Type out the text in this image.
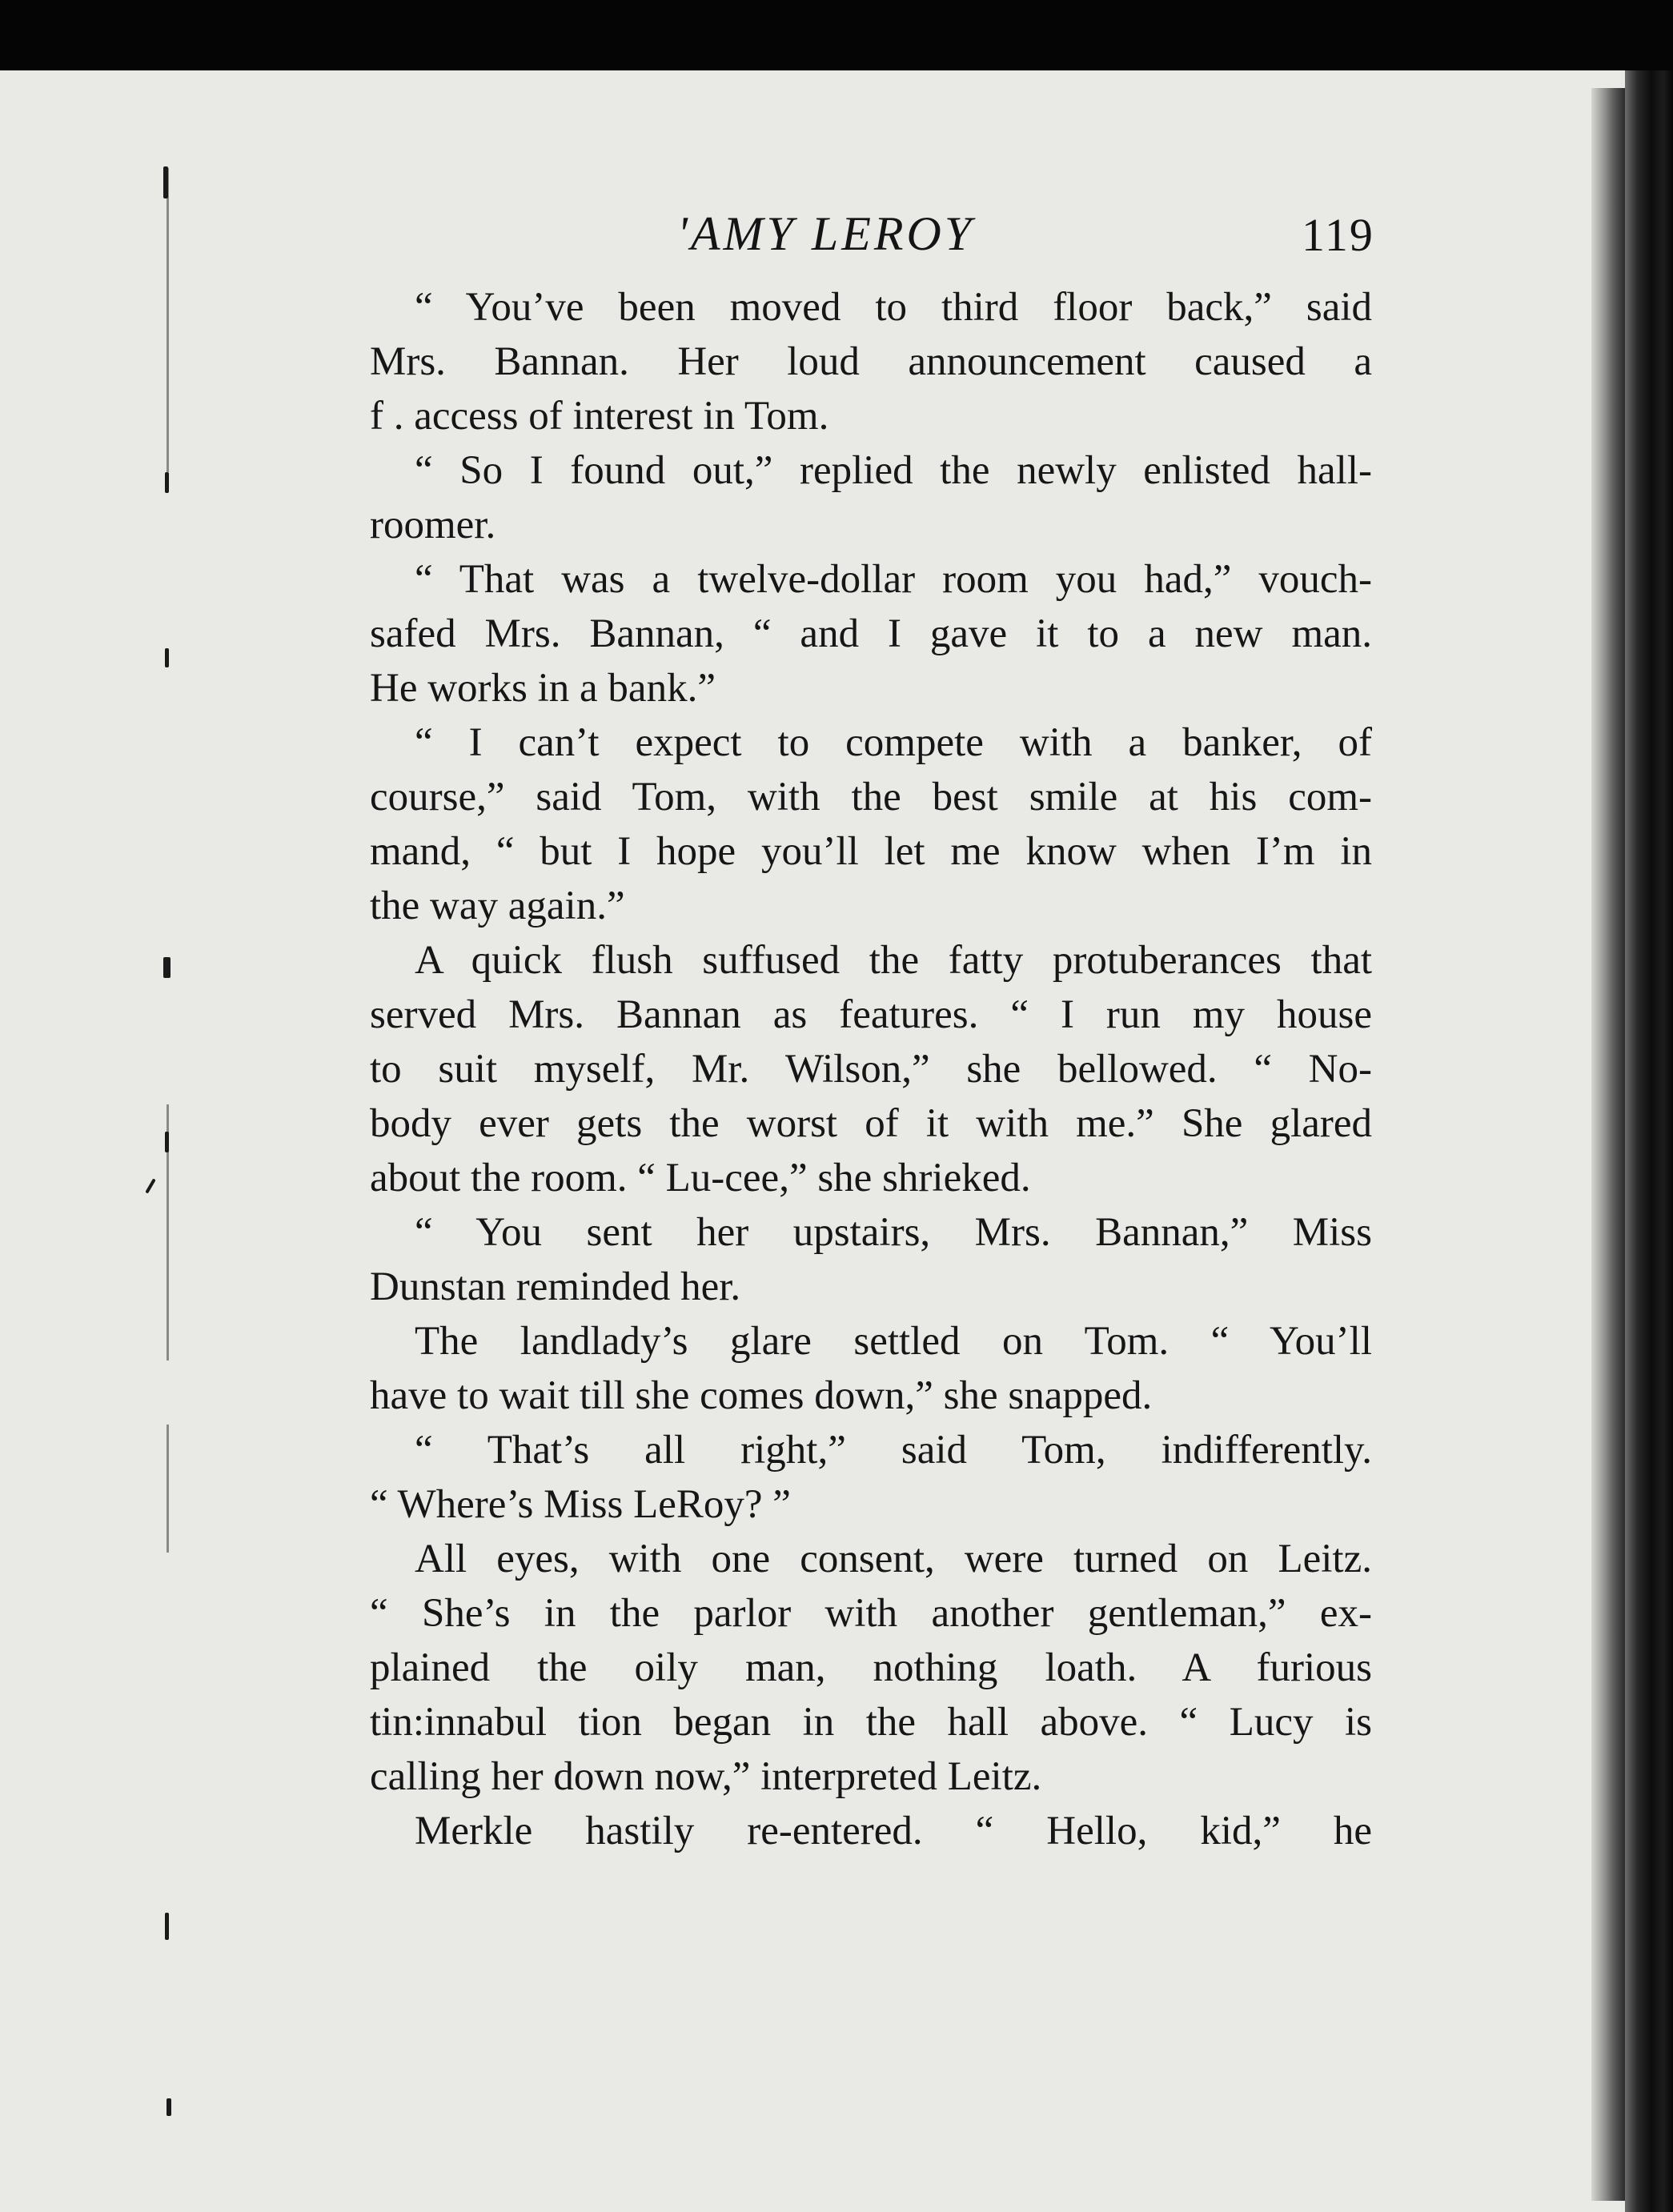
'AMY LEROY	119
“ You’ve been moved to third floor back,” said
Mrs. Bannan. Her loud announcement caused a
f . access of interest in Tom.
“ So I found out,” replied the newly enlisted hall-
roomer.
“ That was a twelve-dollar room you had,” vouch-
safed Mrs. Bannan, “ and I gave it to a new man.
He works in a bank.”
“ I can’t expect to compete with a banker, of
course,” said Tom, with the best smile at his com-
mand, “ but I hope you’ll let me know when I’m in
the way again.”
A quick flush suffused the fatty protuberances that
served Mrs. Bannan as features. “ I run my house
to suit myself, Mr. Wilson,” she bellowed. “ No-
body ever gets the worst of it with me.” She glared
about the room. “ Lu-cee,” she shrieked.
“ You sent her upstairs, Mrs. Bannan,” Miss
Dunstan reminded her.
The landlady’s glare settled on Tom. “ You’ll
have to wait till she comes down,” she snapped.
“ That’s all right,” said Tom, indifferently.
“ Where’s Miss LeRoy? ”
All eyes, with one consent, were turned on Leitz.
“ She’s in the parlor with another gentleman,” ex-
plained the oily man, nothing loath. A furious
tin:innabul tion began in the hall above. “ Lucy is
calling her down now,” interpreted Leitz.
Merkle hastily re-entered. “ Hello, kid,” he
